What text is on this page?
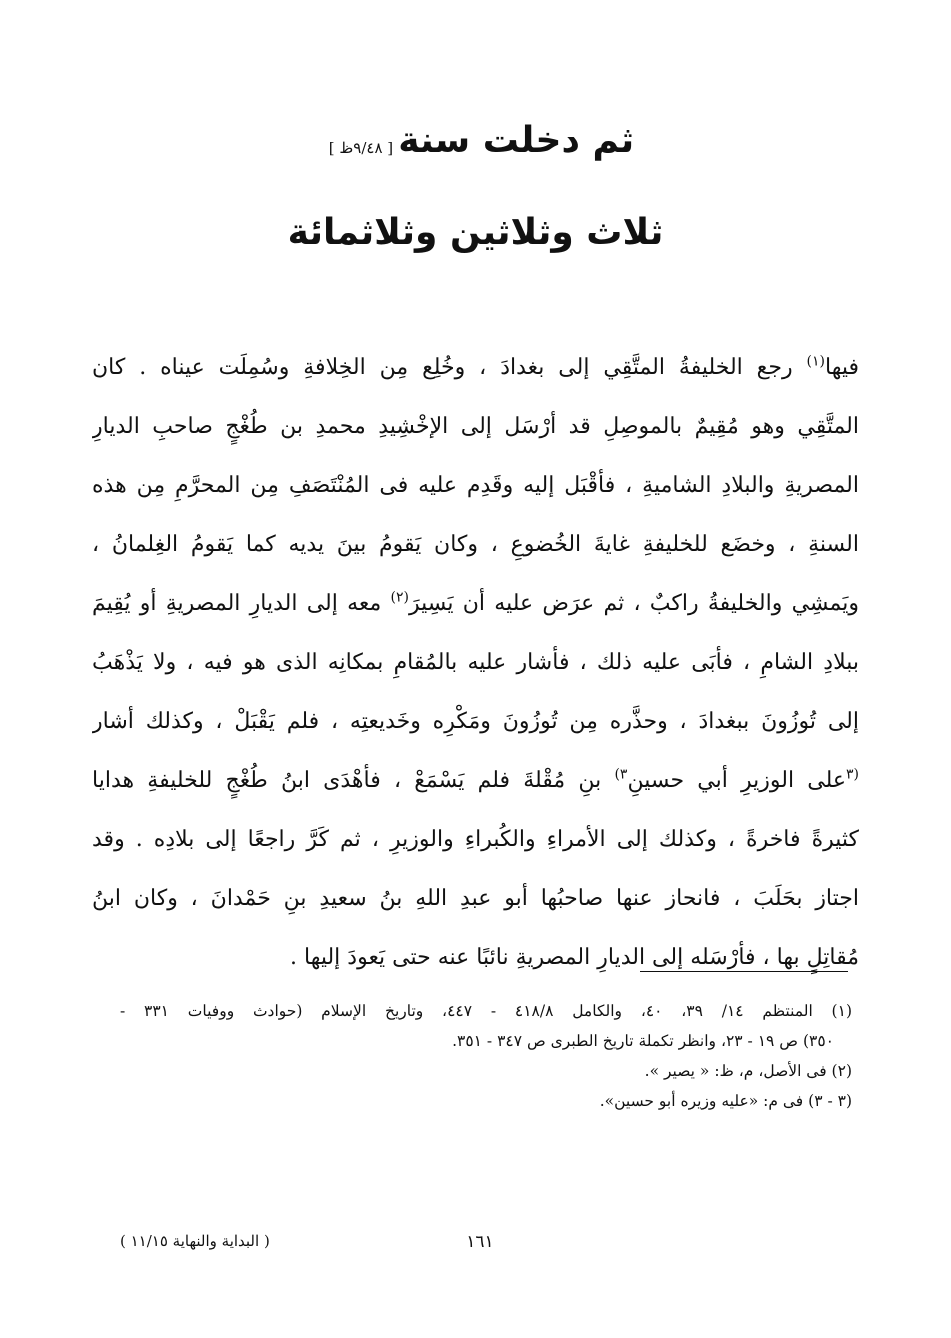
ثم دخلت سنة [ ٩/٤٨ظ ]
ثلاث وثلاثين وثلاثمائة
فيها$^{(١)}$ رجع الخليفةُ المتَّقِي إلى بغدادَ ، وخُلِع مِن الخِلافةِ وسُمِلَت عيناه . كان
المتَّقِي وهو مُقِيمٌ بالموصِلِ قد أرْسَل إلى الإخْشِيدِ محمدِ بن طُغْجٍ صاحبِ الديارِ
المصريةِ والبلادِ الشاميةِ ، فأقْبَل إليه وقَدِم عليه فى المُنْتَصَفِ مِن المحرَّمِ مِن هذه
السنةِ ، وخضَع للخليفةِ غايةَ الخُضوعِ ، وكان يَقومُ بينَ يديه كما يَقومُ الغِلمانُ ،
ويَمشِي والخليفةُ راكبٌ ، ثم عرَض عليه أن يَسِيرَ$^{(٢)}$ معه إلى الديارِ المصريةِ أو يُقِيمَ
ببلادِ الشامِ ، فأبَى عليه ذلك ، فأشار عليه بالمُقامِ بمكانِه الذى هو فيه ، ولا يَذْهَبُ
إلى تُوزُونَ ببغدادَ ، وحذَّره مِن تُوزُونَ ومَكْرِه وخَديعتِه ، فلم يَقْبَلْ ، وكذلك أشار
$^{(٣}$على الوزيرِ أبي حسينِ$^{٣)}$ بنِ مُقْلةَ فلم يَسْمَعْ ، فأهْدَى ابنُ طُغْجٍ للخليفةِ هدايا
كثيرةً فاخرةً ، وكذلك إلى الأمراءِ والكُبراءِ والوزيرِ ، ثم كَرَّ راجعًا إلى بلادِه . وقد
اجتاز بحَلَبَ ، فانحاز عنها صاحبُها أبو عبدِ اللهِ بنُ سعيدِ بنِ حَمْدانَ ، وكان ابنُ
مُقاتِلٍ بها ، فأرْسَله إلى الديارِ المصريةِ نائبًا عنه حتى يَعودَ إليها .
(١) المنتظم ١٤/ ٣٩، ٤٠، والكامل ٤١٨/٨ - ٤٤٧، وتاريخ الإسلام (حوادث ووفيات ٣٣١ -
٣٥٠) ص ١٩ - ٢٣، وانظر تكملة تاريخ الطبرى ص ٣٤٧ - ٣٥١.
(٢) فى الأصل، م، ظ: « يصير ».
(٣ - ٣) فى م: «عليه وزيره أبو حسين».
١٦١
( البداية والنهاية ١١/١٥ )
